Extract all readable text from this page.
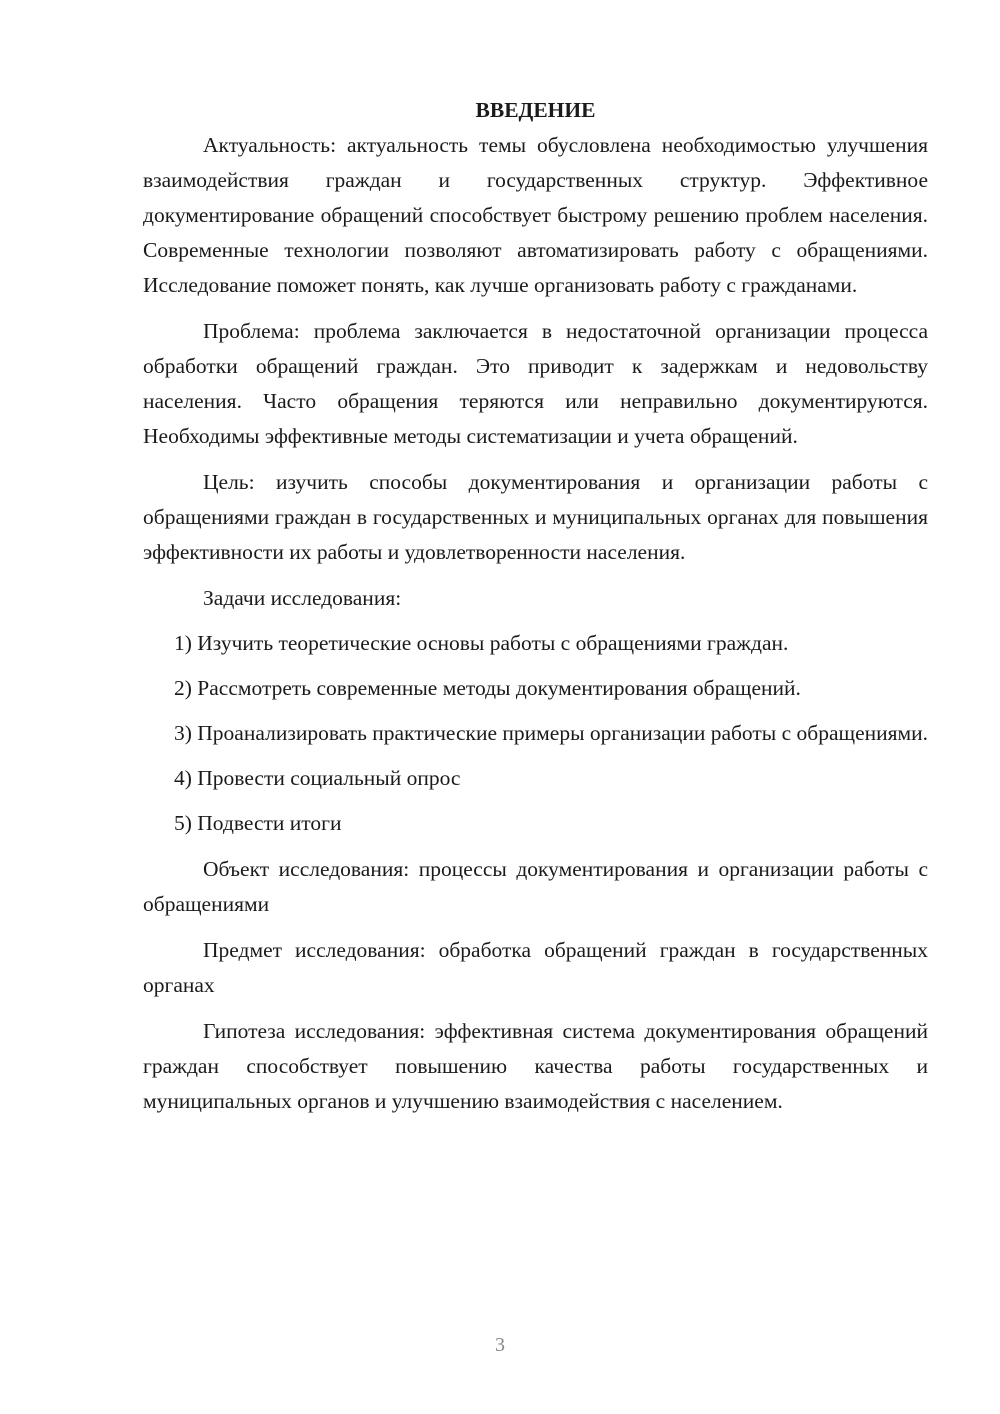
ВВЕДЕНИЕ

Актуальность: актуальность темы обусловлена необходимостью улучшения взаимодействия граждан и государственных структур. Эффективное документирование обращений способствует быстрому решению проблем населения. Современные технологии позволяют автоматизировать работу с обращениями. Исследование поможет понять, как лучше организовать работу с гражданами.

Проблема: проблема заключается в недостаточной организации процесса обработки обращений граждан. Это приводит к задержкам и недовольству населения. Часто обращения теряются или неправильно документируются. Необходимы эффективные методы систематизации и учета обращений.

Цель: изучить способы документирования и организации работы с обращениями граждан в государственных и муниципальных органах для повышения эффективности их работы и удовлетворенности населения.

Задачи исследования:

1) Изучить теоретические основы работы с обращениями граждан.

2) Рассмотреть современные методы документирования обращений.

3) Проанализировать практические примеры организации работы с обращениями.

4) Провести социальный опрос

5) Подвести итоги

Объект исследования: процессы документирования и организации работы с обращениями

Предмет исследования: обработка обращений граждан в государственных органах

Гипотеза исследования: эффективная система документирования обращений граждан способствует повышению качества работы государственных и муниципальных органов и улучшению взаимодействия с населением.

3
